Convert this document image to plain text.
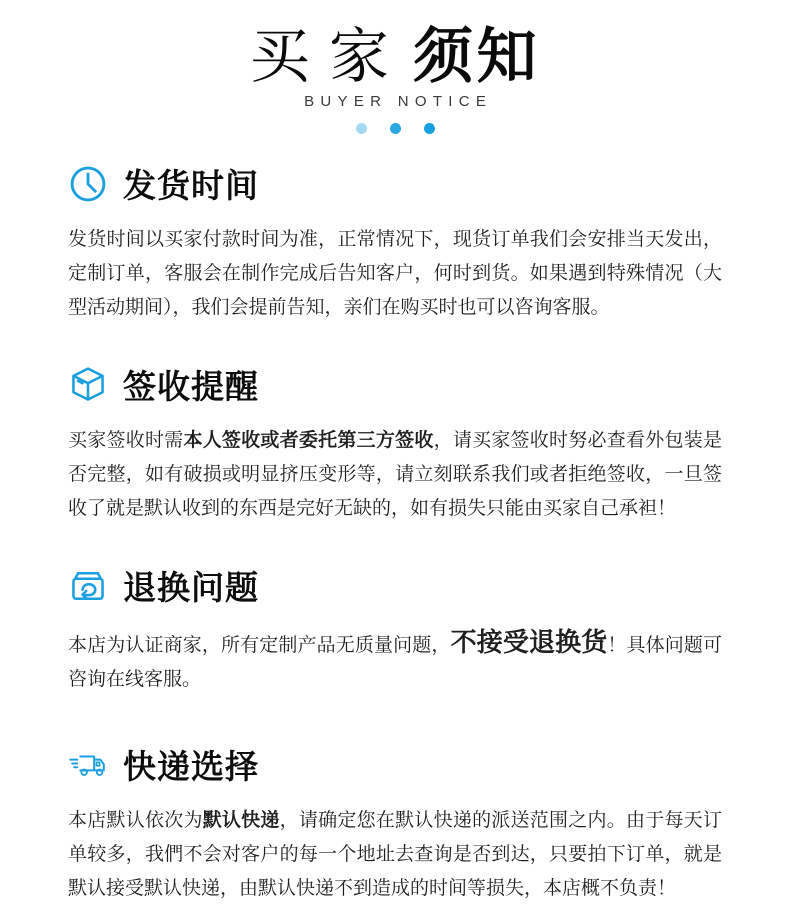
买家须知
BUYER NOTICE
发货时间

发货时间以买家付款时间为准，正常情况下，现货订单我们会安排当天发出，定制订单，客服会在制作完成后告知客户，何时到货。如果遇到特殊情况（大型活动期间），我们会提前告知，亲们在购买时也可以咨询客服。

签收提醒

买家签收时需本人签收或者委托第三方签收，请买家签收时努必查看外包装是否完整，如有破损或明显挤压变形等，请立刻联系我们或者拒绝签收，一旦签收了就是默认收到的东西是完好无缺的，如有损失只能由买家自己承袒！

退换问题

本店为认证商家，所有定制产品无质量问题，不接受退换货！具体问题可咨询在线客服。

快递选择

本店默认依次为默认快递，请确定您在默认快递的派送范围之内。由于每天订单较多，我們不会对客户的每一个地址去查询是否到达，只要拍下订单，就是默认接受默认快递，由默认快递不到造成的时间等损失，本店概不负责！
